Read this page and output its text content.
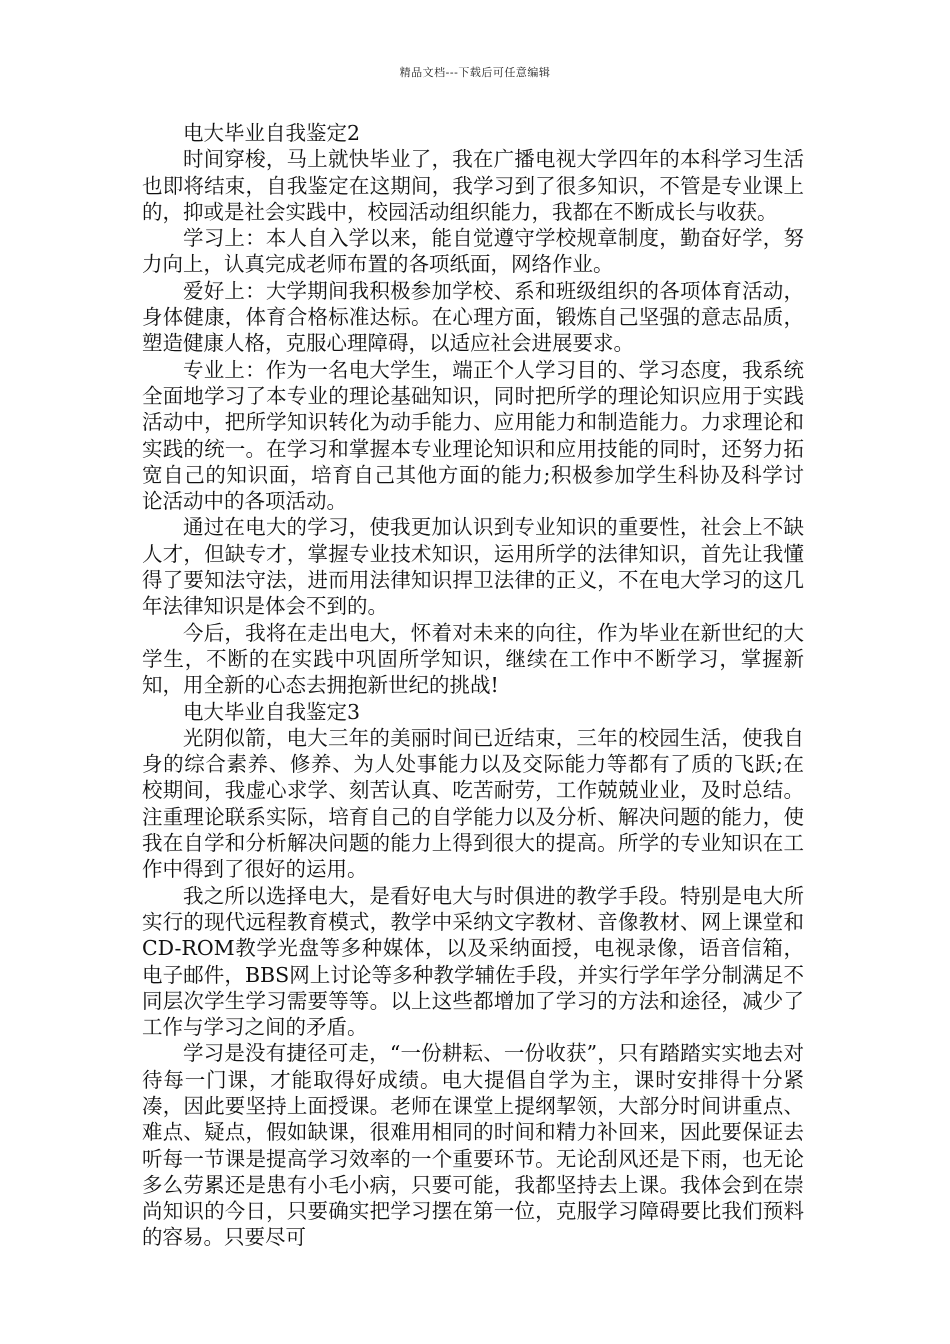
精品文档---下载后可任意编辑

电大毕业自我鉴定2

时间穿梭，马上就快毕业了，我在广播电视大学四年的本科学习生活也即将结束，自我鉴定在这期间，我学习到了很多知识，不管是专业课上的，抑或是社会实践中，校园活动组织能力，我都在不断成长与收获。

学习上：本人自入学以来，能自觉遵守学校规章制度，勤奋好学，努力向上，认真完成老师布置的各项纸面，网络作业。

爱好上：大学期间我积极参加学校、系和班级组织的各项体育活动，身体健康，体育合格标准达标。在心理方面，锻炼自己坚强的意志品质，塑造健康人格，克服心理障碍，以适应社会进展要求。

专业上：作为一名电大学生，端正个人学习目的、学习态度，我系统全面地学习了本专业的理论基础知识，同时把所学的理论知识应用于实践活动中，把所学知识转化为动手能力、应用能力和制造能力。力求理论和实践的统一。在学习和掌握本专业理论知识和应用技能的同时，还努力拓宽自己的知识面，培育自己其他方面的能力;积极参加学生科协及科学讨论活动中的各项活动。

通过在电大的学习，使我更加认识到专业知识的重要性，社会上不缺人才，但缺专才，掌握专业技术知识，运用所学的法律知识，首先让我懂得了要知法守法，进而用法律知识捍卫法律的正义，不在电大学习的这几年法律知识是体会不到的。

今后，我将在走出电大，怀着对未来的向往，作为毕业在新世纪的大学生，不断的在实践中巩固所学知识，继续在工作中不断学习，掌握新知，用全新的心态去拥抱新世纪的挑战!

电大毕业自我鉴定3

光阴似箭，电大三年的美丽时间已近结束，三年的校园生活，使我自身的综合素养、修养、为人处事能力以及交际能力等都有了质的飞跃;在校期间，我虚心求学、刻苦认真、吃苦耐劳，工作兢兢业业，及时总结。注重理论联系实际，培育自己的自学能力以及分析、解决问题的能力，使我在自学和分析解决问题的能力上得到很大的提高。所学的专业知识在工作中得到了很好的运用。

我之所以选择电大，是看好电大与时俱进的教学手段。特别是电大所实行的现代远程教育模式，教学中采纳文字教材、音像教材、网上课堂和CD-ROM教学光盘等多种媒体，以及采纳面授，电视录像，语音信箱，电子邮件，BBS网上讨论等多种教学辅佐手段，并实行学年学分制满足不同层次学生学习需要等等。以上这些都增加了学习的方法和途径，减少了工作与学习之间的矛盾。

学习是没有捷径可走，“一份耕耘、一份收获”，只有踏踏实实地去对待每一门课，才能取得好成绩。电大提倡自学为主，课时安排得十分紧凑，因此要坚持上面授课。老师在课堂上提纲挈领，大部分时间讲重点、难点、疑点，假如缺课，很难用相同的时间和精力补回来，因此要保证去听每一节课是提高学习效率的一个重要环节。无论刮风还是下雨，也无论多么劳累还是患有小毛小病，只要可能，我都坚持去上课。我体会到在崇尚知识的今日，只要确实把学习摆在第一位，克服学习障碍要比我们预料的容易。只要尽可
